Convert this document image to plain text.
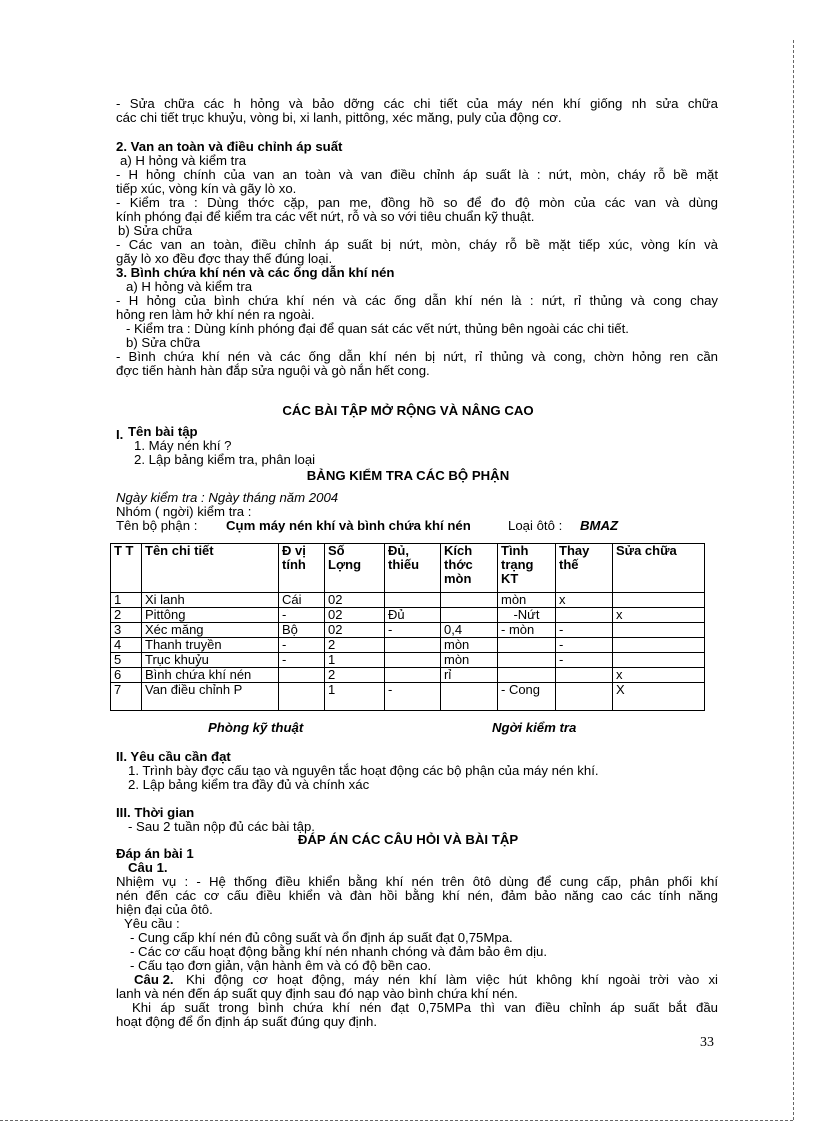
- Sửa chữa các h hỏng và bảo dỡng các chi tiết của máy nén khí giống nh sửa chữa
các chi tiết trục khuỷu, vòng bi, xi lanh, pittông, xéc măng, puly của động cơ.
2. Van an toàn và điều chỉnh áp suất
a) H hỏng và kiểm tra
- H hỏng chính của van an toàn và van điều chỉnh áp suất là : nứt, mòn, cháy rỗ bề mặt
tiếp xúc, vòng kín và gãy lò xo.
- Kiểm tra : Dùng thớc cặp, pan me, đồng hồ so để đo độ mòn của các van và dùng
kính phóng đại để kiểm tra các vết nứt, rỗ và so với tiêu chuẩn kỹ thuật.
b) Sửa chữa
- Các van an toàn, điều chỉnh áp suất bị nứt, mòn, cháy rỗ bề mặt tiếp xúc, vòng kín và
gãy lò xo đều đợc thay thế đúng loại.
3. Bình chứa khí nén và các ống dẫn khí nén
a) H hỏng và kiểm tra
- H hỏng của bình chứa khí nén và các ống dẫn khí nén là : nứt, rỉ thủng và cong chay
hỏng ren làm hở khí nén ra ngoài.
- Kiểm tra : Dùng kính phóng đại để quan sát các vết nứt, thủng bên ngoài các chi tiết.
b) Sửa chữa
- Bình chứa khí nén và các ống dẫn khí nén bị nứt, rỉ thủng và cong, chờn hỏng ren cần
đợc tiến hành hàn đắp sửa nguội và gò nắn hết cong.
CÁC BÀI TẬP MỞ RỘNG VÀ NÂNG CAO
I. Tên bài tập
1. Máy nén khí ?
2. Lập bảng kiểm tra, phân loại
BẢNG KIỂM TRA CÁC BỘ PHẬN
Ngày kiểm tra : Ngày tháng năm 2004
Nhóm ( ngời) kiểm tra :
Tên bộ phận : Cụm máy nén khí và bình chứa khí nén	Loại ôtô : BMAZ
T T	Tên chi tiết	Đ vị tính	Số Lợng	Đủ, thiếu	Kích thớc mòn	Tình trạng KT	Thay thế	Sửa chữa
1	Xi lanh	Cái	02			mòn	x	
2	Pittông	-	02	Đủ		-Nứt		x
3	Xéc măng	Bộ	02	-	0,4	- mòn	-	
4	Thanh truyền	-	2		mòn		-	
5	Trục khuỷu	-	1		mòn		-	
6	Bình chứa khí nén		2		rỉ			x
7	Van điều chỉnh P		1	-		- Cong		X
Phòng kỹ thuật	Ngời kiểm tra
II. Yêu cầu cần đạt
1. Trình bày đợc cấu tạo và nguyên tắc hoạt động các bộ phận của máy nén khí.
2. Lập bảng kiểm tra đầy đủ và chính xác
III. Thời gian
- Sau 2 tuần nộp đủ các bài tập.
ĐÁP ÁN CÁC CÂU HỎI VÀ BÀI TẬP
Đáp án bài 1
Câu 1.
Nhiệm vụ : - Hệ thống điều khiển bằng khí nén trên ôtô dùng để cung cấp, phân phối khí
nén đến các cơ cấu điều khiển và đàn hồi bằng khí nén, đảm bảo năng cao các tính năng
hiện đại của ôtô.
Yêu cầu :
- Cung cấp khí nén đủ công suất và ổn định áp suất đạt 0,75Mpa.
- Các cơ cấu hoạt động bằng khí nén nhanh chóng và đảm bảo êm dịu.
- Cấu tạo đơn giản, vận hành êm và có độ bền cao.
Câu 2. Khi động cơ hoạt động, máy nén khí làm việc hút không khí ngoài trời vào xi
lanh và nén đến áp suất quy định sau đó nạp vào bình chứa khí nén.
Khi áp suất trong bình chứa khí nén đạt 0,75MPa thì van điều chỉnh áp suất bắt đầu
hoạt động để ổn định áp suất đúng quy định.
33
